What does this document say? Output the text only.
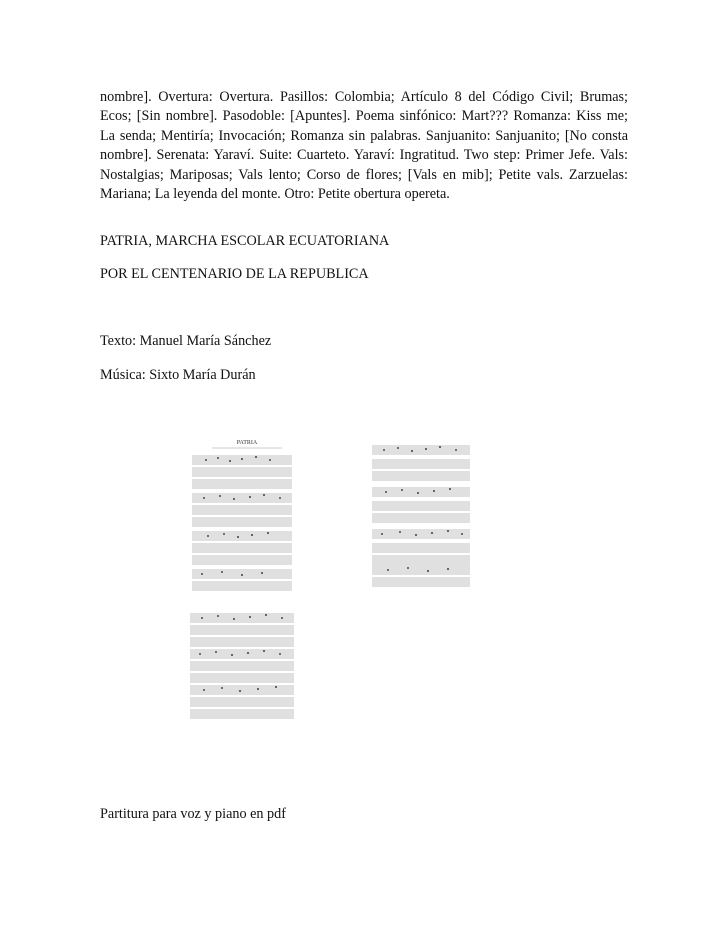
nombre]. Overtura: Overtura. Pasillos: Colombia; Artículo 8 del Código Civil; Brumas; Ecos; [Sin nombre]. Pasodoble: [Apuntes]. Poema sinfónico: Mart??? Romanza: Kiss me; La senda; Mentiría; Invocación; Romanza sin palabras. Sanjuanito: Sanjuanito; [No consta nombre]. Serenata: Yaraví. Suite: Cuarteto. Yaraví: Ingratitud. Two step: Primer Jefe. Vals: Nostalgias; Mariposas; Vals lento; Corso de flores; [Vals en mib]; Petite vals. Zarzuelas: Mariana; La leyenda del monte. Otro: Petite obertura opereta.

PATRIA, MARCHA ESCOLAR ECUATORIANA

POR EL CENTENARIO DE LA REPUBLICA

Texto: Manuel María Sánchez

Música: Sixto María Durán

PATRIA

Partitura para voz y piano en pdf
